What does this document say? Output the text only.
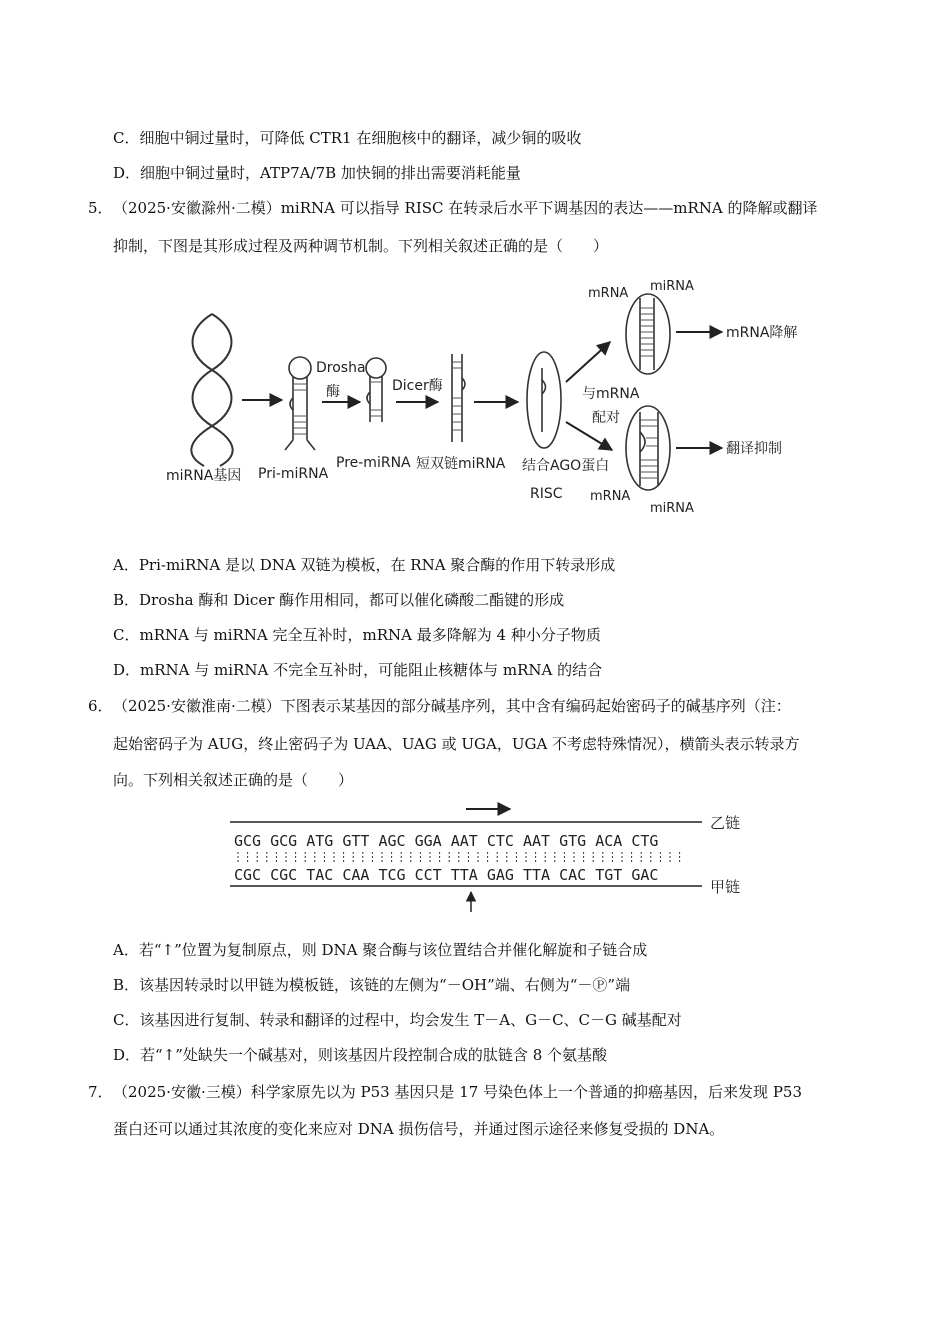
C．细胞中铜过量时，可降低 CTR1 在细胞核中的翻译，减少铜的吸收
D．细胞中铜过量时，ATP7A/7B 加快铜的排出需要消耗能量
5． （2025·安徽滁州·二模）miRNA 可以指导 RISC 在转录后水平下调基因的表达——mRNA 的降解或翻译
抑制，下图是其形成过程及两种调节机制。下列相关叙述正确的是（　　）
miRNA基因 Pri-miRNA
Drosha
酶
Pre-miRNA
Dicer酶
短双链miRNA 结合AGO蛋白
RISC
与mRNA
配对
mRNA miRNA
mRNA降解
翻译抑制
mRNA
miRNA
A．Pri-miRNA 是以 DNA 双链为模板，在 RNA 聚合酶的作用下转录形成
B．Drosha 酶和 Dicer 酶作用相同，都可以催化磷酸二酯键的形成
C．mRNA 与 miRNA 完全互补时，mRNA 最多降解为 4 种小分子物质
D．mRNA 与 miRNA 不完全互补时，可能阻止核糖体与 mRNA 的结合
6． （2025·安徽淮南·二模）下图表示某基因的部分碱基序列，其中含有编码起始密码子的碱基序列（注：
起始密码子为 AUG，终止密码子为 UAA、UAG 或 UGA，UGA 不考虑特殊情况），横箭头表示转录方
向。下列相关叙述正确的是（　　）
GCG GCG ATG GTT AGC GGA AAT CTC AAT GTG ACA CTG
CGC CGC TAC CAA TCG CCT TTA GAG TTA CAC TGT GAC
乙链
甲链
A．若“↑”位置为复制原点，则 DNA 聚合酶与该位置结合并催化解旋和子链合成
B．该基因转录时以甲链为模板链，该链的左侧为“－OH”端、右侧为“－Ⓟ”端
C．该基因进行复制、转录和翻译的过程中，均会发生 T－A、G－C、C－G 碱基配对
D．若“↑”处缺失一个碱基对，则该基因片段控制合成的肽链含 8 个氨基酸
7． （2025·安徽·三模）科学家原先以为 P53 基因只是 17 号染色体上一个普通的抑癌基因，后来发现 P53
蛋白还可以通过其浓度的变化来应对 DNA 损伤信号，并通过图示途径来修复受损的 DNA。
